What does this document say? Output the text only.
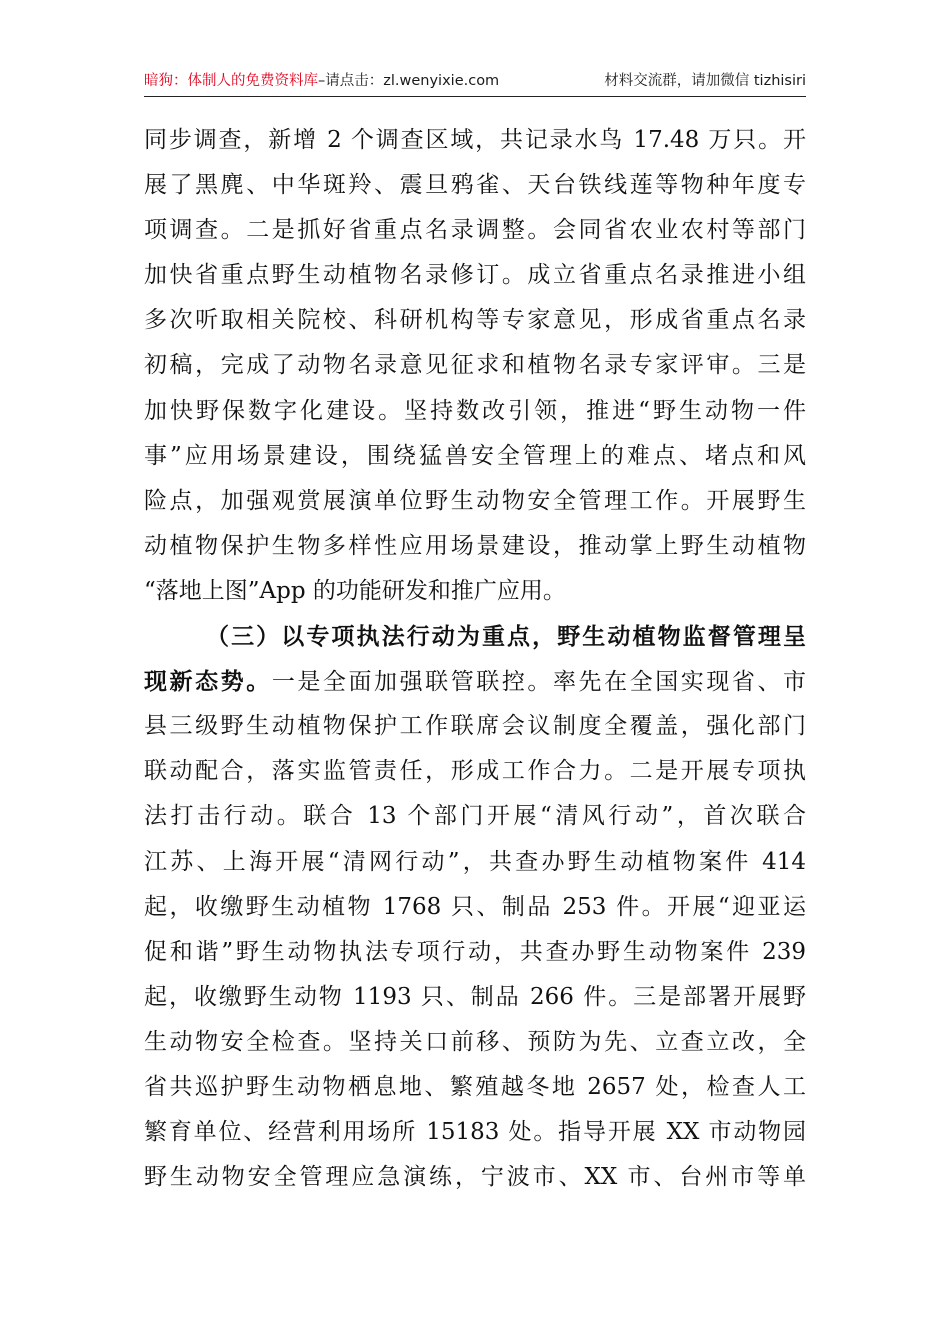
暗狗：体制人的免费资料库–请点击：zl.wenyixie.com	材料交流群，请加微信 tizhisiri
同步调查，新增 2 个调查区域，共记录水鸟 17.48 万只。开
展了黑麂、中华斑羚、震旦鸦雀、天台铁线莲等物种年度专
项调查。二是抓好省重点名录调整。会同省农业农村等部门
加快省重点野生动植物名录修订。成立省重点名录推进小组
多次听取相关院校、科研机构等专家意见，形成省重点名录
初稿，完成了动物名录意见征求和植物名录专家评审。三是
加快野保数字化建设。坚持数改引领，推进“野生动物一件
事”应用场景建设，围绕猛兽安全管理上的难点、堵点和风
险点，加强观赏展演单位野生动物安全管理工作。开展野生
动植物保护生物多样性应用场景建设，推动掌上野生动植物
“落地上图”App 的功能研发和推广应用。
（三）以专项执法行动为重点，野生动植物监督管理呈
现新态势。一是全面加强联管联控。率先在全国实现省、市
县三级野生动植物保护工作联席会议制度全覆盖，强化部门
联动配合，落实监管责任，形成工作合力。二是开展专项执
法打击行动。联合 13 个部门开展“清风行动”，首次联合
江苏、上海开展“清网行动”，共查办野生动植物案件 414
起，收缴野生动植物 1768 只、制品 253 件。开展“迎亚运
促和谐”野生动物执法专项行动，共查办野生动物案件 239
起，收缴野生动物 1193 只、制品 266 件。三是部署开展野
生动物安全检查。坚持关口前移、预防为先、立查立改，全
省共巡护野生动物栖息地、繁殖越冬地 2657 处，检查人工
繁育单位、经营利用场所 15183 处。指导开展 XX 市动物园
野生动物安全管理应急演练，宁波市、XX 市、台州市等单
